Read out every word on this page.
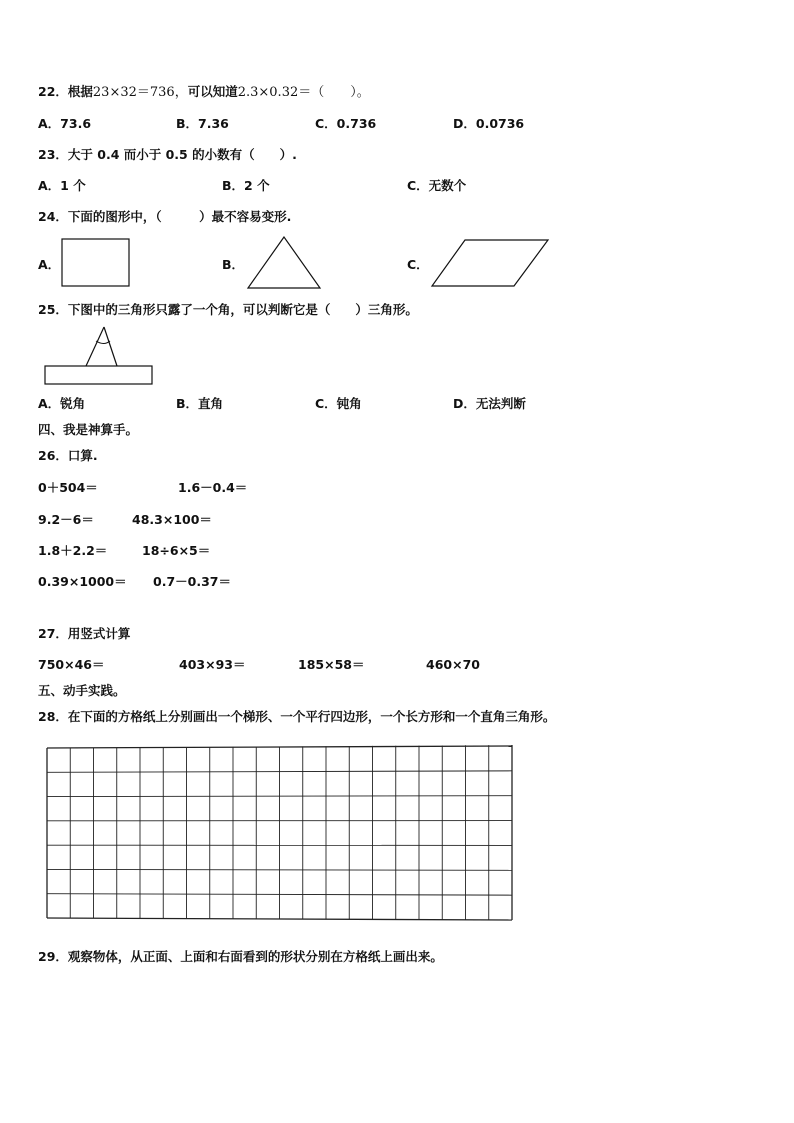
22．根据23×32＝736，可以知道2.3×0.32＝（　　）。
A．73.6	B．7.36	C．0.736	D．0.0736
23．大于 0.4 而小于 0.5 的小数有（　　）.
A．1 个	B．2 个	C．无数个
24．下面的图形中，（　　　）最不容易变形.
A．	B．	C．
25．下图中的三角形只露了一个角，可以判断它是（　　）三角形。
A．锐角	B．直角	C．钝角	D．无法判断
四、我是神算手。
26．口算.
0＋504＝	1.6－0.4＝
9.2－6＝	48.3×100＝
1.8＋2.2＝	18÷6×5＝
0.39×1000＝ 0.7－0.37＝
27．用竖式计算
750×46＝	403×93＝	185×58＝	460×70
五、动手实践。
28．在下面的方格纸上分别画出一个梯形、一个平行四边形，一个长方形和一个直角三角形。
29．观察物体，从正面、上面和右面看到的形状分别在方格纸上画出来。
